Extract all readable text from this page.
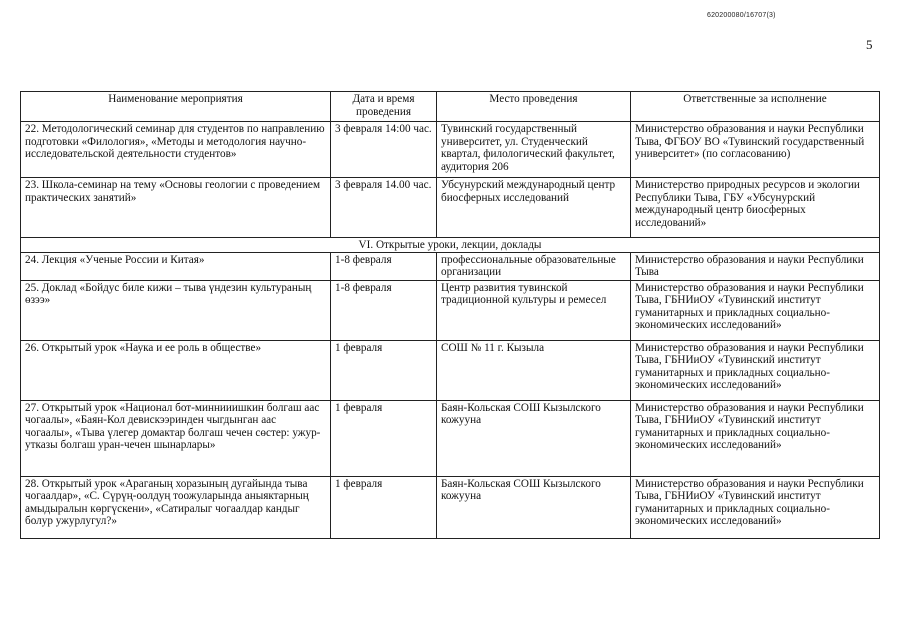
620200080/16707(3)
5
Наименование мероприятия	Дата и время проведения	Место проведения	Ответственные за исполнение
22. Методологический семинар для студентов по направлению подготовки «Филология», «Методы и методология научно-исследовательской деятельности студентов»	3 февраля 14:00 час.	Тувинский государственный университет, ул. Студенческий квартал, филологический факультет, аудитория 206	Министерство образования и науки Республики Тыва, ФГБОУ ВО «Тувинский государственный университет» (по согласованию)
23. Школа-семинар на тему «Основы геологии с проведением практических занятий»	3 февраля 14.00 час.	Убсунурский международный центр биосферных исследований	Министерство природных ресурсов и экологии Республики Тыва, ГБУ «Убсунурский международный центр биосферных исследований»
VI. Открытые уроки, лекции, доклады			
24. Лекция «Ученые России и Китая»	1-8 февраля	профессиональные образовательные организации	Министерство образования и науки Республики Тыва
25. Доклад «Бойдус биле кижи – тыва үндезин культураның өзээ»	1-8 февраля	Центр развития тувинской традиционной культуры и ремесел	Министерство образования и науки Республики Тыва, ГБНИиОУ «Тувинский институт гуманитарных и прикладных социально-экономических исследований»
26. Открытый урок «Наука и ее роль в обществе»	1 февраля	СОШ № 11 г. Кызыла	Министерство образования и науки Республики Тыва, ГБНИиОУ «Тувинский институт гуманитарных и прикладных социально-экономических исследований»
27. Открытый урок «Национал бот-миннииишкин болгаш аас чогаалы», «Баян-Кол девискээринден чыгдынган аас чогаалы», «Тыва үлегер домактар болгаш чечен сөстер: ужур-утказы болгаш уран-чечен шынарлары»	1 февраля	Баян-Кольская СОШ Кызылского кожууна	Министерство образования и науки Республики Тыва, ГБНИиОУ «Тувинский институт гуманитарных и прикладных социально-экономических исследований»
28. Открытый урок «Араганың хоразының дугайында тыва чогаалдар», «С. Сүрүң-оолдуң тоожуларында аныяктарның амыдыралын көргүскени», «Сатиралыг чогаалдар кандыг болур ужурлугул?»	1 февраля	Баян-Кольская СОШ Кызылского кожууна	Министерство образования и науки Республики Тыва, ГБНИиОУ «Тувинский институт гуманитарных и прикладных социально-экономических исследований»
